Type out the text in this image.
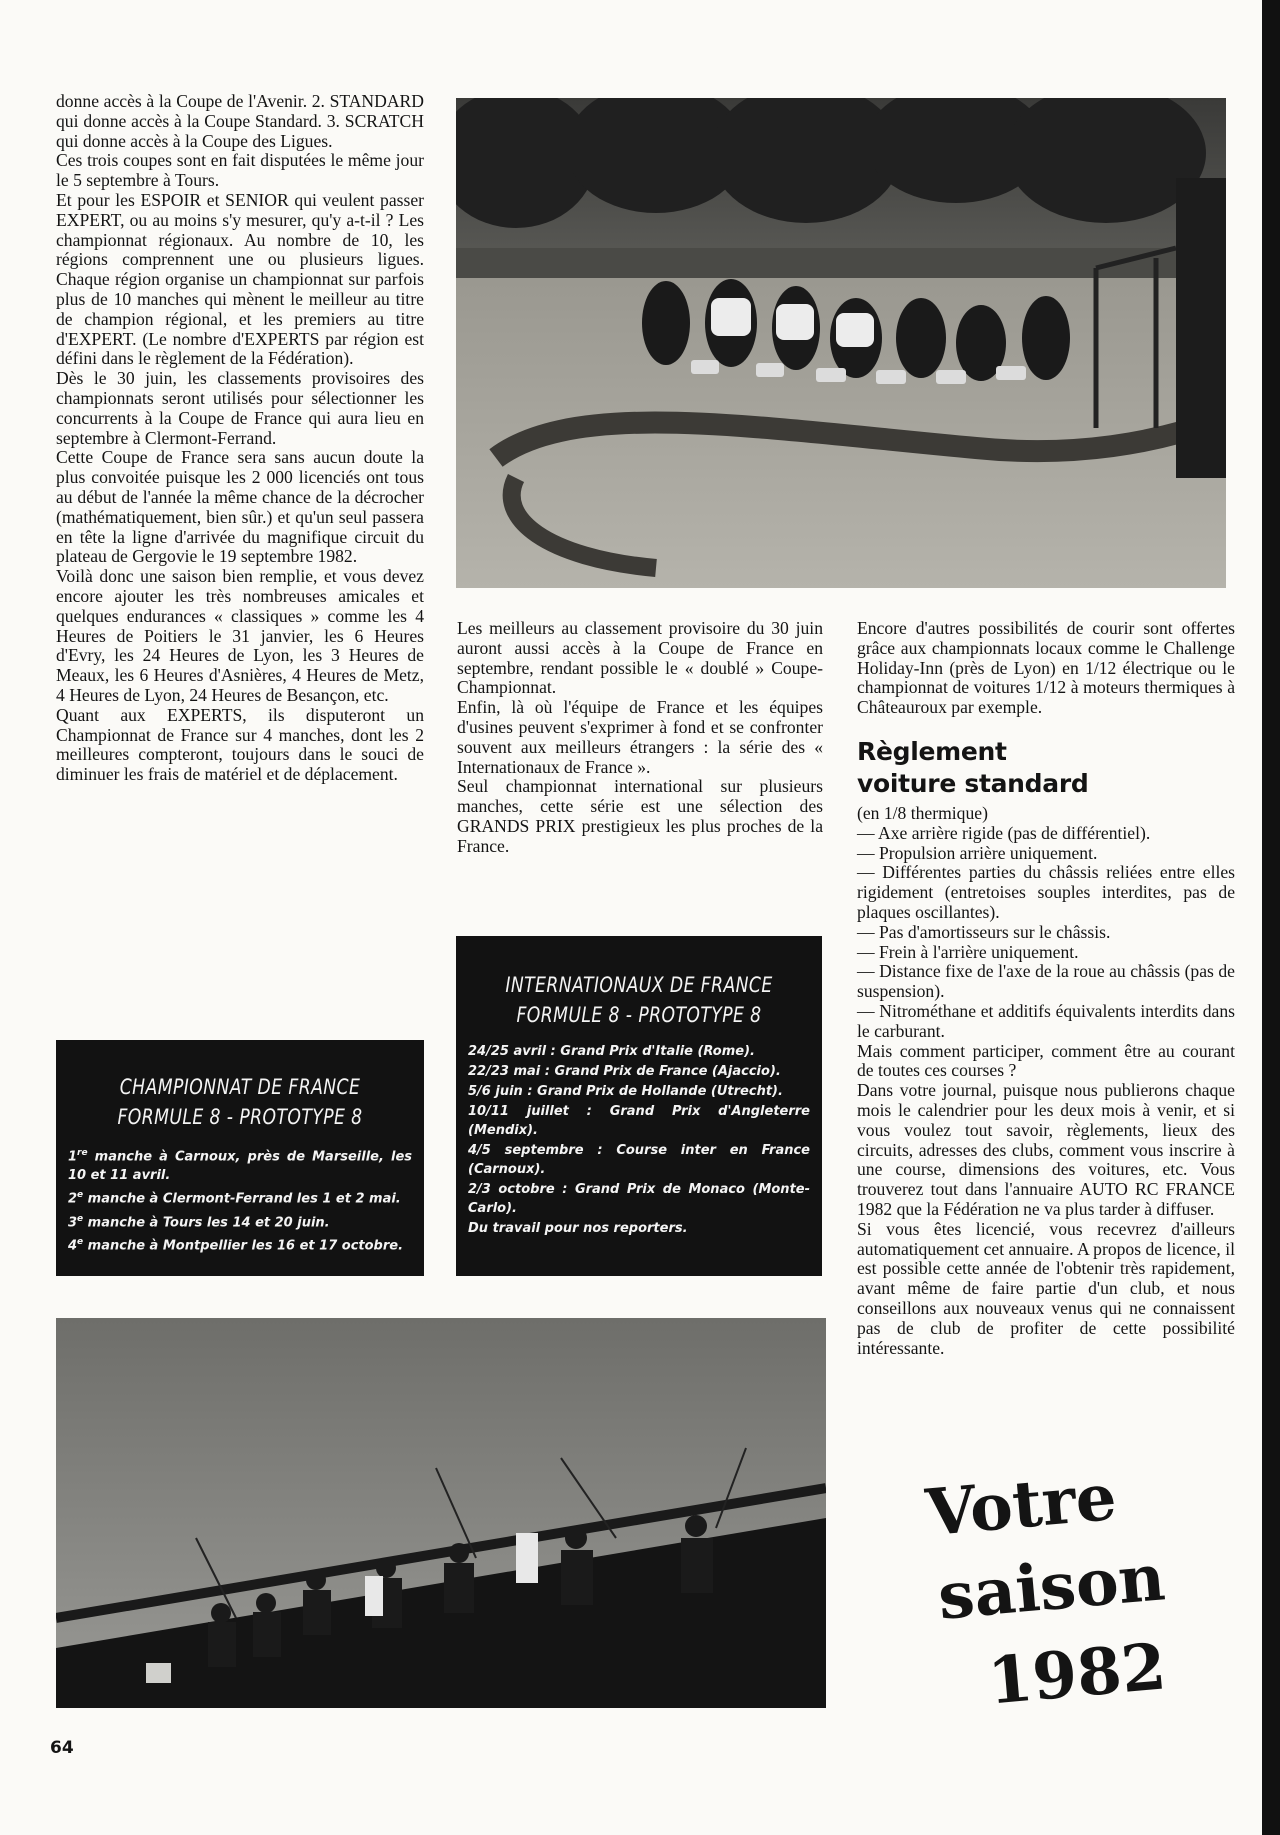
donne accès à la Coupe de l'Avenir. 2. STANDARD qui donne accès à la Coupe Standard. 3. SCRATCH qui donne accès à la Coupe des Ligues.

Ces trois coupes sont en fait disputées le même jour le 5 septembre à Tours.

Et pour les ESPOIR et SENIOR qui veulent passer EXPERT, ou au moins s'y mesurer, qu'y a-t-il ? Les championnat régionaux. Au nombre de 10, les régions comprennent une ou plusieurs ligues. Chaque région organise un championnat sur parfois plus de 10 manches qui mènent le meilleur au titre de champion régional, et les premiers au titre d'EXPERT. (Le nombre d'EXPERTS par région est défini dans le règlement de la Fédération).

Dès le 30 juin, les classements provisoires des championnats seront utilisés pour sélectionner les concurrents à la Coupe de France qui aura lieu en septembre à Clermont-Ferrand.

Cette Coupe de France sera sans aucun doute la plus convoitée puisque les 2 000 licenciés ont tous au début de l'année la même chance de la décrocher (mathématiquement, bien sûr.) et qu'un seul passera en tête la ligne d'arrivée du magnifique circuit du plateau de Gergovie le 19 septembre 1982.

Voilà donc une saison bien remplie, et vous devez encore ajouter les très nombreuses amicales et quelques endurances « classiques » comme les 4 Heures de Poitiers le 31 janvier, les 6 Heures d'Evry, les 24 Heures de Lyon, les 3 Heures de Meaux, les 6 Heures d'Asnières, 4 Heures de Metz, 4 Heures de Lyon, 24 Heures de Besançon, etc.

Quant aux EXPERTS, ils disputeront un Championnat de France sur 4 manches, dont les 2 meilleures compteront, toujours dans le souci de diminuer les frais de matériel et de déplacement.

Les meilleurs au classement provisoire du 30 juin auront aussi accès à la Coupe de France en septembre, rendant possible le « doublé » Coupe-Championnat.

Enfin, là où l'équipe de France et les équipes d'usines peuvent s'exprimer à fond et se confronter souvent aux meilleurs étrangers : la série des « Internationaux de France ».

Seul championnat international sur plusieurs manches, cette série est une sélection des GRANDS PRIX prestigieux les plus proches de la France.

Encore d'autres possibilités de courir sont offertes grâce aux championnats locaux comme le Challenge Holiday-Inn (près de Lyon) en 1/12 électrique ou le championnat de voitures 1/12 à moteurs thermiques à Châteauroux par exemple.

Règlement
voiture standard

(en 1/8 thermique)

— Axe arrière rigide (pas de différentiel).

— Propulsion arrière uniquement.

— Différentes parties du châssis reliées entre elles rigidement (entretoises souples interdites, pas de plaques oscillantes).

— Pas d'amortisseurs sur le châssis.

— Frein à l'arrière uniquement.

— Distance fixe de l'axe de la roue au châssis (pas de suspension).

— Nitrométhane et additifs équivalents interdits dans le carburant.

Mais comment participer, comment être au courant de toutes ces courses ?

Dans votre journal, puisque nous publierons chaque mois le calendrier pour les deux mois à venir, et si vous voulez tout savoir, règlements, lieux des circuits, adresses des clubs, comment vous inscrire à une course, dimensions des voitures, etc. Vous trouverez tout dans l'annuaire AUTO RC FRANCE 1982 que la Fédération ne va plus tarder à diffuser.

Si vous êtes licencié, vous recevrez d'ailleurs automatiquement cet annuaire. A propos de licence, il est possible cette année de l'obtenir très rapidement, avant même de faire partie d'un club, et nous conseillons aux nouveaux venus qui ne connaissent pas de club de profiter de cette possibilité intéressante.

CHAMPIONNAT DE FRANCE
FORMULE 8 - PROTOTYPE 8

1re manche à Carnoux, près de Marseille, les 10 et 11 avril.

2e manche à Clermont-Ferrand les 1 et 2 mai.

3e manche à Tours les 14 et 20 juin.

4e manche à Montpellier les 16 et 17 octobre.

INTERNATIONAUX DE FRANCE
FORMULE 8 - PROTOTYPE 8

24/25 avril : Grand Prix d'Italie (Rome).

22/23 mai : Grand Prix de France (Ajaccio).

5/6 juin : Grand Prix de Hollande (Utrecht).

10/11 juillet : Grand Prix d'Angleterre (Mendix).

4/5 septembre : Course inter en France (Carnoux).

2/3 octobre : Grand Prix de Monaco (Monte-Carlo).

Du travail pour nos reporters.

Votre
saison
1982
64
